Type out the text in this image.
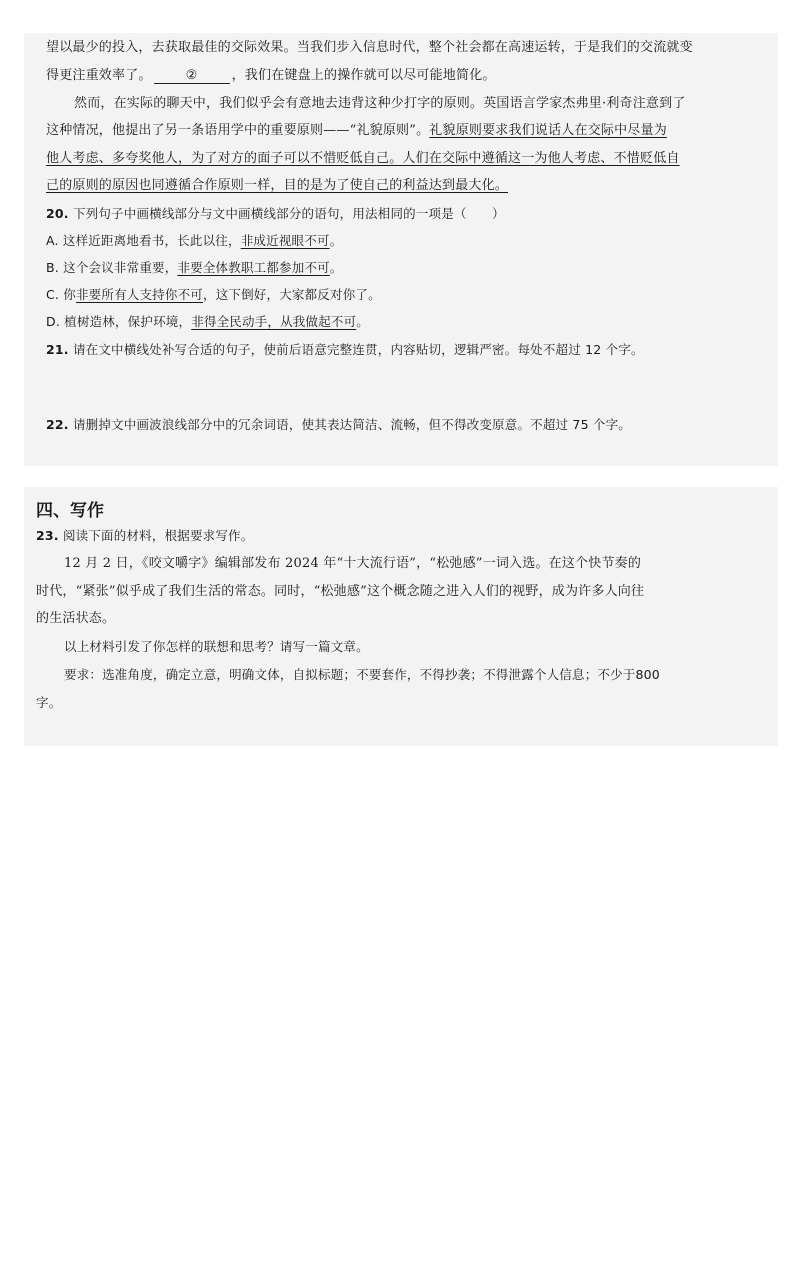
望以最少的投入，去获取最佳的交际效果。当我们步入信息时代，整个社会都在高速运转，于是我们的交流就变
得更注重效率了。	②	，我们在键盘上的操作就可以尽可能地简化。
然而，在实际的聊天中，我们似乎会有意地去违背这种少打字的原则。英国语言学家杰弗里·利奇注意到了
这种情况，他提出了另一条语用学中的重要原则——“礼貌原则”。礼貌原则要求我们说话人在交际中尽量为
他人考虑、多夸奖他人，为了对方的面子可以不惜贬低自己。人们在交际中遵循这一为他人考虑、不惜贬低自
己的原则的原因也同遵循合作原则一样，目的是为了使自己的利益达到最大化。
20. 下列句子中画横线部分与文中画横线部分的语句，用法相同的一项是（　　）
A. 这样近距离地看书，长此以往，非成近视眼不可。
B. 这个会议非常重要，非要全体教职工都参加不可。
C. 你非要所有人支持你不可，这下倒好，大家都反对你了。
D. 植树造林，保护环境，非得全民动手，从我做起不可。
21. 请在文中横线处补写合适的句子，使前后语意完整连贯，内容贴切，逻辑严密。每处不超过 12 个字。
22. 请删掉文中画波浪线部分中的冗余词语，使其表达简洁、流畅，但不得改变原意。不超过 75 个字。
四、写作
23. 阅读下面的材料，根据要求写作。
12 月 2 日，《咬文嚼字》编辑部发布 2024 年“十大流行语”，“松弛感”一词入选。在这个快节奏的
时代，“紧张”似乎成了我们生活的常态。同时，“松弛感”这个概念随之进入人们的视野，成为许多人向往
的生活状态。
以上材料引发了你怎样的联想和思考？请写一篇文章。
要求：选准角度，确定立意，明确文体，自拟标题；不要套作，不得抄袭；不得泄露个人信息；不少于800
字。
